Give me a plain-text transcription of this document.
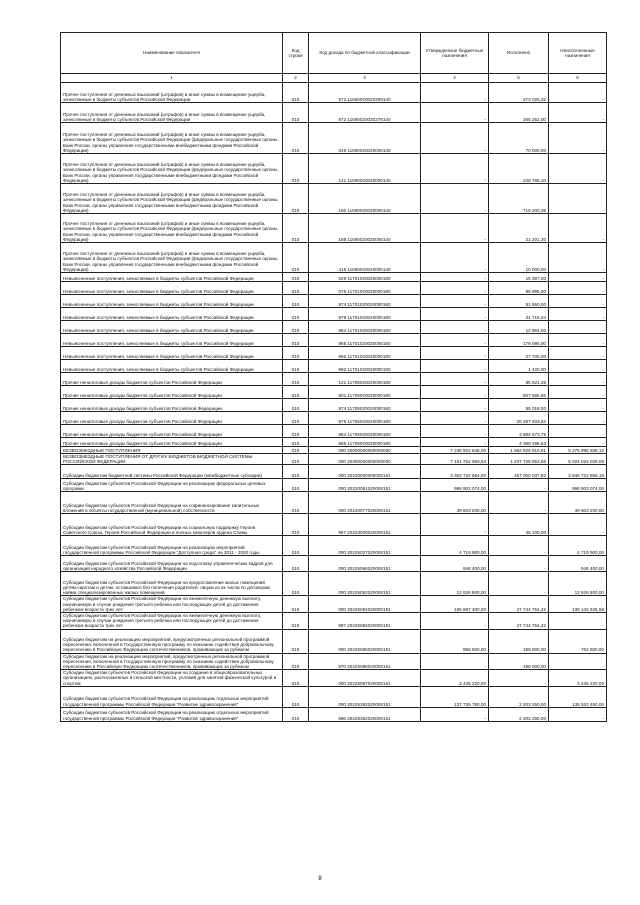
Наименование показателя	Код строки	Код дохода по бюджетной классификации	Утвержденные бюджетные назначения	Исполнено	Неисполненные назначения
1	2	3	4	5	6
Прочее поступления от денежных взысканий (штрафов) и иные суммы в возмещение ущерба, зачисляемые в бюджеты субъектов Российской Федерации	010	972 11690020020309140	-	373 025,32	-
Прочее поступления от денежных взысканий (штрафов) и иные суммы в возмещение ущерба, зачисляемые в бюджеты субъектов Российской Федерации	010	972 11690020020378140	-	265 252,00	-
Прочее поступления от денежных взысканий (штрафов) и иные суммы в возмещение ущерба, зачисляемые в бюджеты субъектов Российской Федерации (федеральные государственные органы, Банк России, органы управления государственными внебюджетными фондами Российской Федерации)	010	048 11690020020000140	-	70 000,00	-
Прочее поступления от денежных взысканий (штрафов) и иные суммы в возмещение ущерба, зачисляемые в бюджеты субъектов Российской Федерации (федеральные государственные органы, Банк России, органы управления государственными внебюджетными фондами Российской Федерации)	010	141 11690020020000140	-	248 765,10	-
Прочее поступления от денежных взысканий (штрафов) и иные суммы в возмещение ущерба, зачисляемые в бюджеты субъектов Российской Федерации (федеральные государственные органы, Банк России, органы управления государственными внебюджетными фондами Российской Федерации)	010	160 11690020020000140	-	719 200,39	-
Прочее поступления от денежных взысканий (штрафов) и иные суммы в возмещение ущерба, зачисляемые в бюджеты субъектов Российской Федерации (федеральные государственные органы, Банк России, органы управления государственными внебюджетными фондами Российской Федерации)	010	188 11690020020000140	-	21 201,30	-
Прочее поступления от денежных взысканий (штрафов) и иные суммы в возмещение ущерба, зачисляемые в бюджеты субъектов Российской Федерации (федеральные государственные органы, Банк России, органы управления государственными внебюджетными фондами Российской Федерации)	010	415 11690020020000140	-	10 000,00	-
Невыясненные поступления, зачисляемые в бюджеты субъектов Российской Федерации	010	029 11701020020000180	-	15 397,00	-
Невыясненные поступления, зачисляемые в бюджеты субъектов Российской Федерации	010	075 11701020020000180	-	99 995,00	-
Невыясненные поступления, зачисляемые в бюджеты субъектов Российской Федерации	010	974 11701020020000180	-	51 650,00	-
Невыясненные поступления, зачисляемые в бюджеты субъектов Российской Федерации	010	978 11701020020000180	-	31 716,04	-
Невыясненные поступления, зачисляемые в бюджеты субъектов Российской Федерации	010	984 11701020020000180	-	12 964,00	-
Невыясненные поступления, зачисляемые в бюджеты субъектов Российской Федерации	010	985 11701020020000180	-	176 086,00	-
Невыясненные поступления, зачисляемые в бюджеты субъектов Российской Федерации	010	986 11701020020000180	-	27 706,00	-
Невыясненные поступления, зачисляемые в бюджеты субъектов Российской Федерации	010	992 11701020020000180	-	1 420,00	-
Прочие неналоговые доходы бюджетов субъектов Российской Федерации	010	121 11705020020000180	-	85 621,36	-
Прочие неналоговые доходы бюджетов субъектов Российской Федерации	010	801 11705020020000180	-	507 665,55	-
Прочие неналоговые доходы бюджетов субъектов Российской Федерации	010	974 11705020020000180	-	55 018,00	-
Прочие неналоговые доходы бюджетов субъектов Российской Федерации	010	975 11705020020000180	-	26 297 403,52	-
Прочие неналоговые доходы бюджетов субъектов Российской Федерации	010	984 11705020020000180	-	3 884 673,75	-
Прочие неналоговые доходы бюджетов субъектов Российской Федерации	010	985 11705020020000180	-	4 399 296,53	-
БЕЗВОЗМЕЗДНЫЕ ПОСТУПЛЕНИЯ	010	000 20000000000000000	7 238 922 846,00	1 962 926 910,91	5 275 995 935,12
БЕЗВОЗМЕЗДНЫЕ ПОСТУПЛЕНИЯ ОТ ДРУГИХ БЮДЖЕТОВ БЮДЖЕТНОЙ СИСТЕМЫ РОССИЙСКОЙ ФЕДЕРАЦИИ	010	000 20200000000000000	7 161 752 983,94	1 237 728 953,86	5 924 024 029,08
Субсидии бюджетам бюджетной системы Российской Федерации (межбюджетные субсидии)	010	000 20220000000000151	3 302 722 694,00	457 000 037,82	2 845 722 656,18
Субсидии бюджетам субъектов Российской Федерации на реализацию федеральных целевых программ	010	000 20220051020000151	998 903 074,00	-	998 903 074,00
Субсидии бюджетам субъектов Российской Федерации на софинансирование капитальных вложений в объекты государственной (муниципальной) собственности	010	000 20220077020000151	39 603 200,00	-	39 603 200,00
Субсидии бюджетам субъектов Российской Федерации на социальную поддержку Героев Советского Союза, Героев Российской Федерации и полных кавалеров ордена Славы	010	987 20223009020000151	-	45 100,00	-
Субсидии бюджетам субъектов Российской Федерации на реализацию мероприятий государственной программы Российской Федерации "Доступная среда" на 2011 - 2020 годы	010	000 20225027020000151	4 719 900,00	-	4 719 900,00
Субсидии бюджетам субъектов Российской Федерации на подготовку управленческих кадров для организаций народного хозяйства Российской Федерации	010	000 20225066020000151	948 400,00	-	948 400,00
Субсидии бюджетам субъектов Российской Федерации на предоставление жилых помещений детям-сиротам и детям, оставшимся без попечения родителей, лицам из их числа по договорам найма специализированных жилых помещений	010	000 20225082020000151	12 626 800,00	-	12 626 800,00
Субсидии бюджетам субъектов Российской Федерации на ежемесячную денежную выплату, назначаемую в случае рождения третьего ребенка или последующих детей до достижения ребенком возраста трех лет	010	000 20225084020000151	165 887 400,00	27 744 754,42	138 142 645,58
Субсидии бюджетам субъектов Российской Федерации на ежемесячную денежную выплату, назначаемую в случае рождения третьего ребенка или последующих детей до достижения ребенком возраста трех лет	010	987 20225084020000151	-	27 744 754,42	-
Субсидии бюджетам на реализацию мероприятий, предусмотренных региональной программой переселения, включенной в Государственную программу по оказанию содействия добровольному переселению в Российскую Федерацию соотечественников, проживающих за рубежом	010	000 20225086020000151	958 600,00	196 000,00	762 600,00
Субсидии бюджетам на реализацию мероприятий, предусмотренных региональной программой переселения, включенной в Государственную программу по оказанию содействия добровольному переселению в Российскую Федерацию соотечественников, проживающих за рубежом	010	970 20225086020000151	-	196 000,00	-
Субсидии бюджетам субъектов Российской Федерации на создание в общеобразовательных организациях, расположенных в сельской местности, условий для занятий физической культурой и спортом	010	000 20225097020000151	3 435 220,00	-	3 435 220,00
Субсидии бюджетам субъектов Российской Федерации на реализацию отдельных мероприятий государственной программы Российской Федерации "Развитие здравоохранения"	010	000 20225382020000151	137 735 780,00	2 203 250,00	135 532 450,00
Субсидии бюджетам субъектов Российской Федерации на реализацию отдельных мероприятий государственной программы Российской Федерации "Развитие здравоохранения"	010	986 20225382020000151	-	2 203 250,00	-
8
